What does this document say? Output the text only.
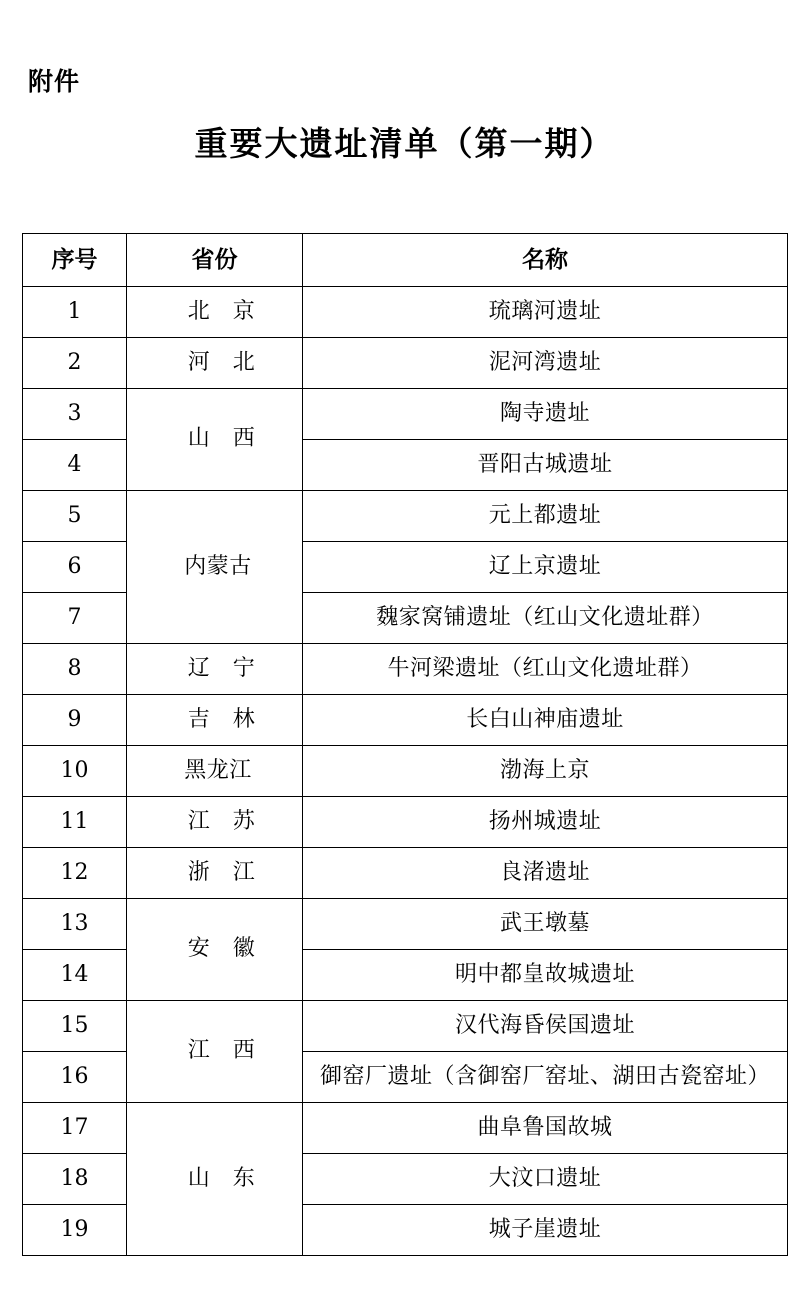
附件
重要大遗址清单（第一期）
序号	省份	名称
1	北　京	琉璃河遗址
2	河　北	泥河湾遗址
3	山　西	陶寺遗址
4		晋阳古城遗址
5	内蒙古	元上都遗址
6		辽上京遗址
7		魏家窝铺遗址（红山文化遗址群）
8	辽　宁	牛河梁遗址（红山文化遗址群）
9	吉　林	长白山神庙遗址
10	黑龙江	渤海上京
11	江　苏	扬州城遗址
12	浙　江	良渚遗址
13	安　徽	武王墩墓
14		明中都皇故城遗址
15	江　西	汉代海昏侯国遗址
16		御窑厂遗址（含御窑厂窑址、湖田古瓷窑址）
17	山　东	曲阜鲁国故城
18		大汶口遗址
19		城子崖遗址
